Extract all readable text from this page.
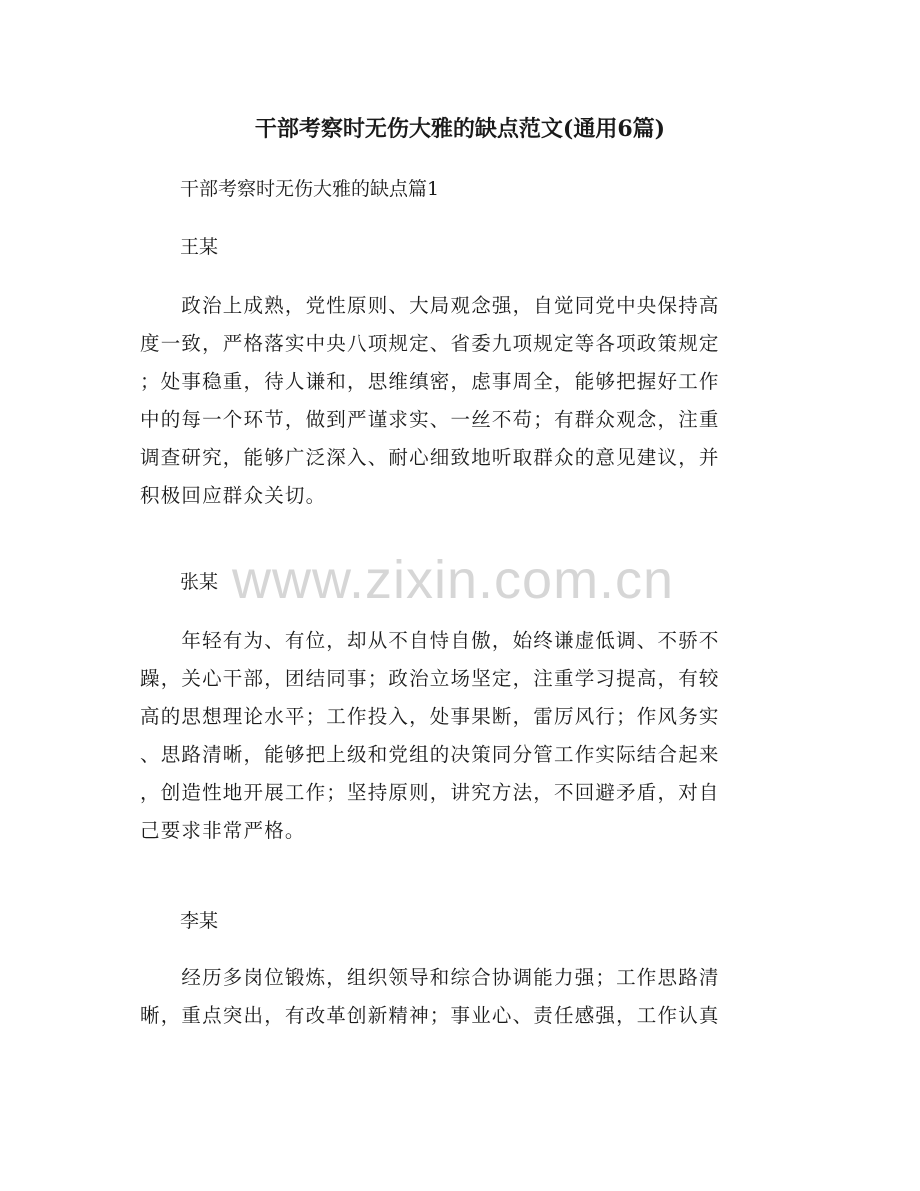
干部考察时无伤大雅的缺点范文(通用6篇)

干部考察时无伤大雅的缺点篇1

王某

　　政治上成熟，党性原则、大局观念强，自觉同党中央保持高
度一致，严格落实中央八项规定、省委九项规定等各项政策规定
；处事稳重，待人谦和，思维缜密，虑事周全，能够把握好工作
中的每一个环节，做到严谨求实、一丝不苟；有群众观念，注重
调查研究，能够广泛深入、耐心细致地听取群众的意见建议，并
积极回应群众关切。

张某

　　年轻有为、有位，却从不自恃自傲，始终谦虚低调、不骄不
躁，关心干部，团结同事；政治立场坚定，注重学习提高，有较
高的思想理论水平；工作投入，处事果断，雷厉风行；作风务实
、思路清晰，能够把上级和党组的决策同分管工作实际结合起来
，创造性地开展工作；坚持原则，讲究方法，不回避矛盾，对自
己要求非常严格。

李某

　　经历多岗位锻炼，组织领导和综合协调能力强；工作思路清
晰，重点突出，有改革创新精神；事业心、责任感强，工作认真
www.zixin.com.cn
